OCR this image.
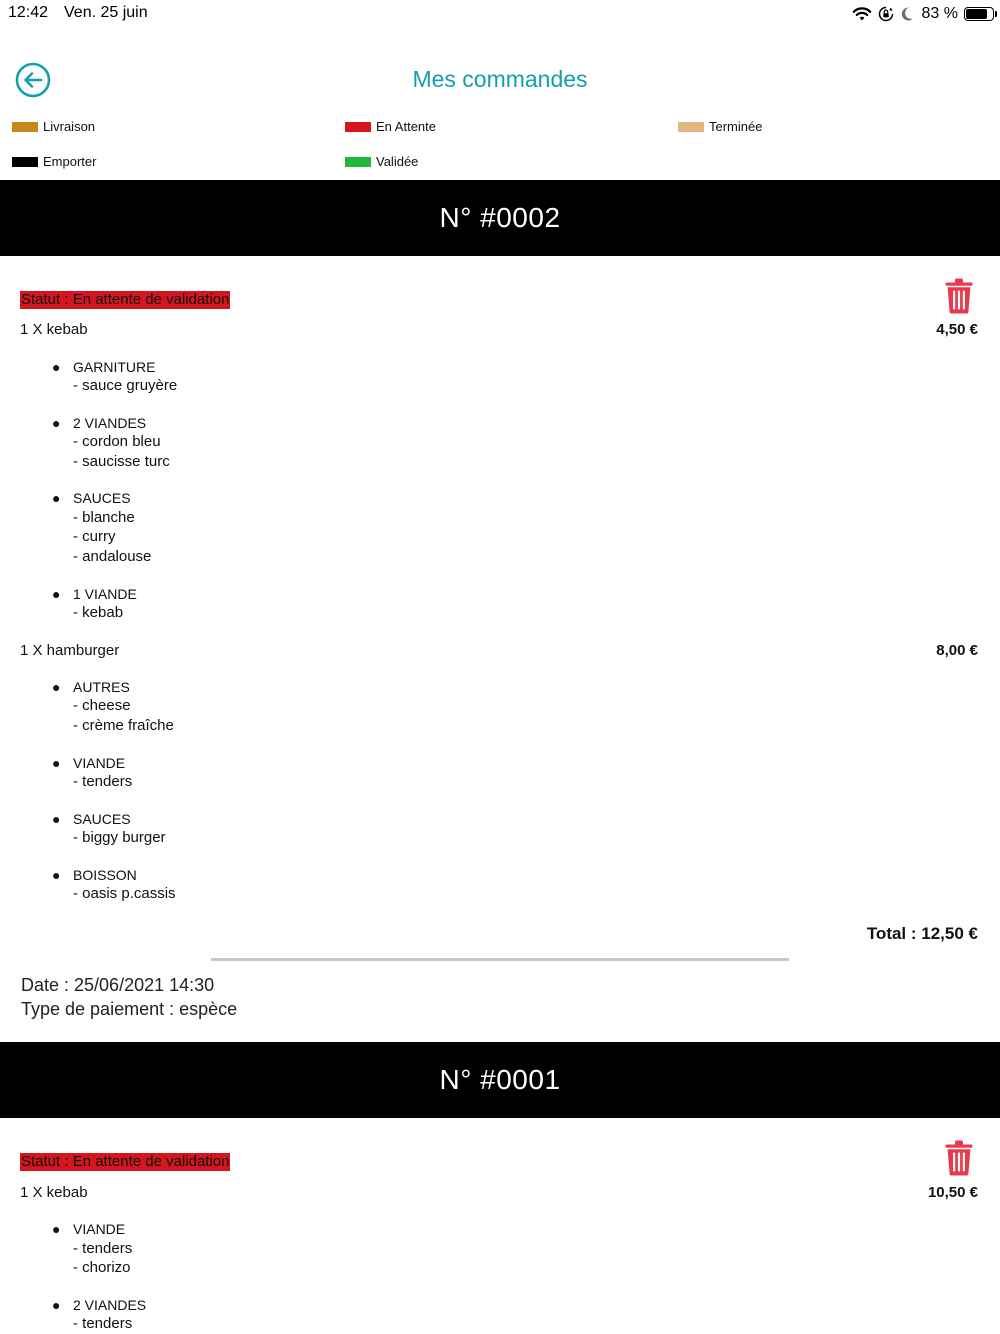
12:42 Ven. 25 juin	83 %
Mes commandes
Livraison	En Attente	Terminée
Emporter	Validée
N° #0002
Statut : En attente de validation
1 X kebab	4,50 €
● GARNITURE
- sauce gruyère
● 2 VIANDES
- cordon bleu
- saucisse turc
● SAUCES
- blanche
- curry
- andalouse
● 1 VIANDE
- kebab
1 X hamburger	8,00 €
● AUTRES
- cheese
- crème fraîche
● VIANDE
- tenders
● SAUCES
- biggy burger
● BOISSON
- oasis p.cassis
Total : 12,50 €
Date : 25/06/2021 14:30
Type de paiement : espèce
N° #0001
Statut : En attente de validation
1 X kebab	10,50 €
● VIANDE
- tenders
- chorizo
● 2 VIANDES
- tenders
